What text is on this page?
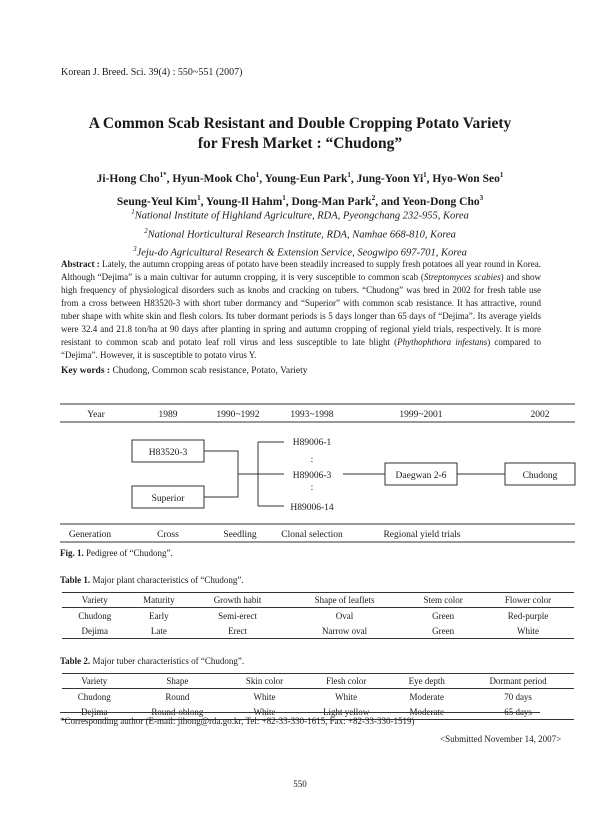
Korean J. Breed. Sci. 39(4) : 550~551 (2007)
A Common Scab Resistant and Double Cropping Potato Variety
for Fresh Market : “Chudong”
Ji-Hong Cho$^{1*}$, Hyun-Mook Cho$^1$, Young-Eun Park$^1$, Jung-Yoon Yi$^1$, Hyo-Won Seo$^1$
Seung-Yeul Kim$^1$, Young-Il Hahm$^1$, Dong-Man Park$^2$, and Yeon-Dong Cho$^3$
$^1$National Institute of Highland Agriculture, RDA, Pyeongchang 232-955, Korea
$^2$National Horticultural Research Institute, RDA, Namhae 668-810, Korea
$^3$Jeju-do Agricultural Research & Extension Service, Seogwipo 697-701, Korea
Abstract : Lately, the autumn cropping areas of potato have been steadily increased to supply fresh potatoes all year round in Korea. Although “Dejima” is a main cultivar for autumn cropping, it is very susceptible to common scab (Streptomyces scabies) and show high frequency of physiological disorders such as knobs and cracking on tubers. “Chudong” was bred in 2002 for fresh table use from a cross between H83520-3 with short tuber dormancy and “Superior” with common scab resistance. It has attractive, round tuber shape with white skin and flesh colors. Its tuber dormant periods is 5 days longer than 65 days of “Dejima”. Its average yields were 32.4 and 21.8 ton/ha at 90 days after planting in spring and autumn cropping of regional yield trials, respectively. It is more resistant to common scab and potato leaf roll virus and less susceptible to late blight (Phythophthora infestans) compared to “Dejima”. However, it is susceptible to potato virus Y.
Key words : Chudong, Common scab resistance, Potato, Variety
Year	1989	1990~1992	1993~1998	1999~2001	2002
H83520-3
Superior
H89006-1
:
H89006-3
:
H89006-14
Daegwan 2-6	Chudong
Generation	Cross	Seedling	Clonal selection	Regional yield trials
Fig. 1. Pedigree of “Chudong”.
Table 1. Major plant characteristics of “Chudong”.
Variety	Maturity	Growth habit	Shape of leaflets	Stem color	Flower color
Chudong	Early	Semi-erect	Oval	Green	Red-purple
Dejima	Late	Erect	Narrow oval	Green	White
Table 2. Major tuber characteristics of “Chudong”.
Variety	Shape	Skin color	Flesh color	Eye depth	Dormant period
Chudong	Round	White	White	Moderate	70 days
Dejima	Round-oblong	White	Light yellow	Moderate	65 days
*Corresponding author (E-mail: jihong@rda.go.kr, Tel: +82-33-330-1615, Fax: +82-33-330-1519)
<Submitted November 14, 2007>
550
